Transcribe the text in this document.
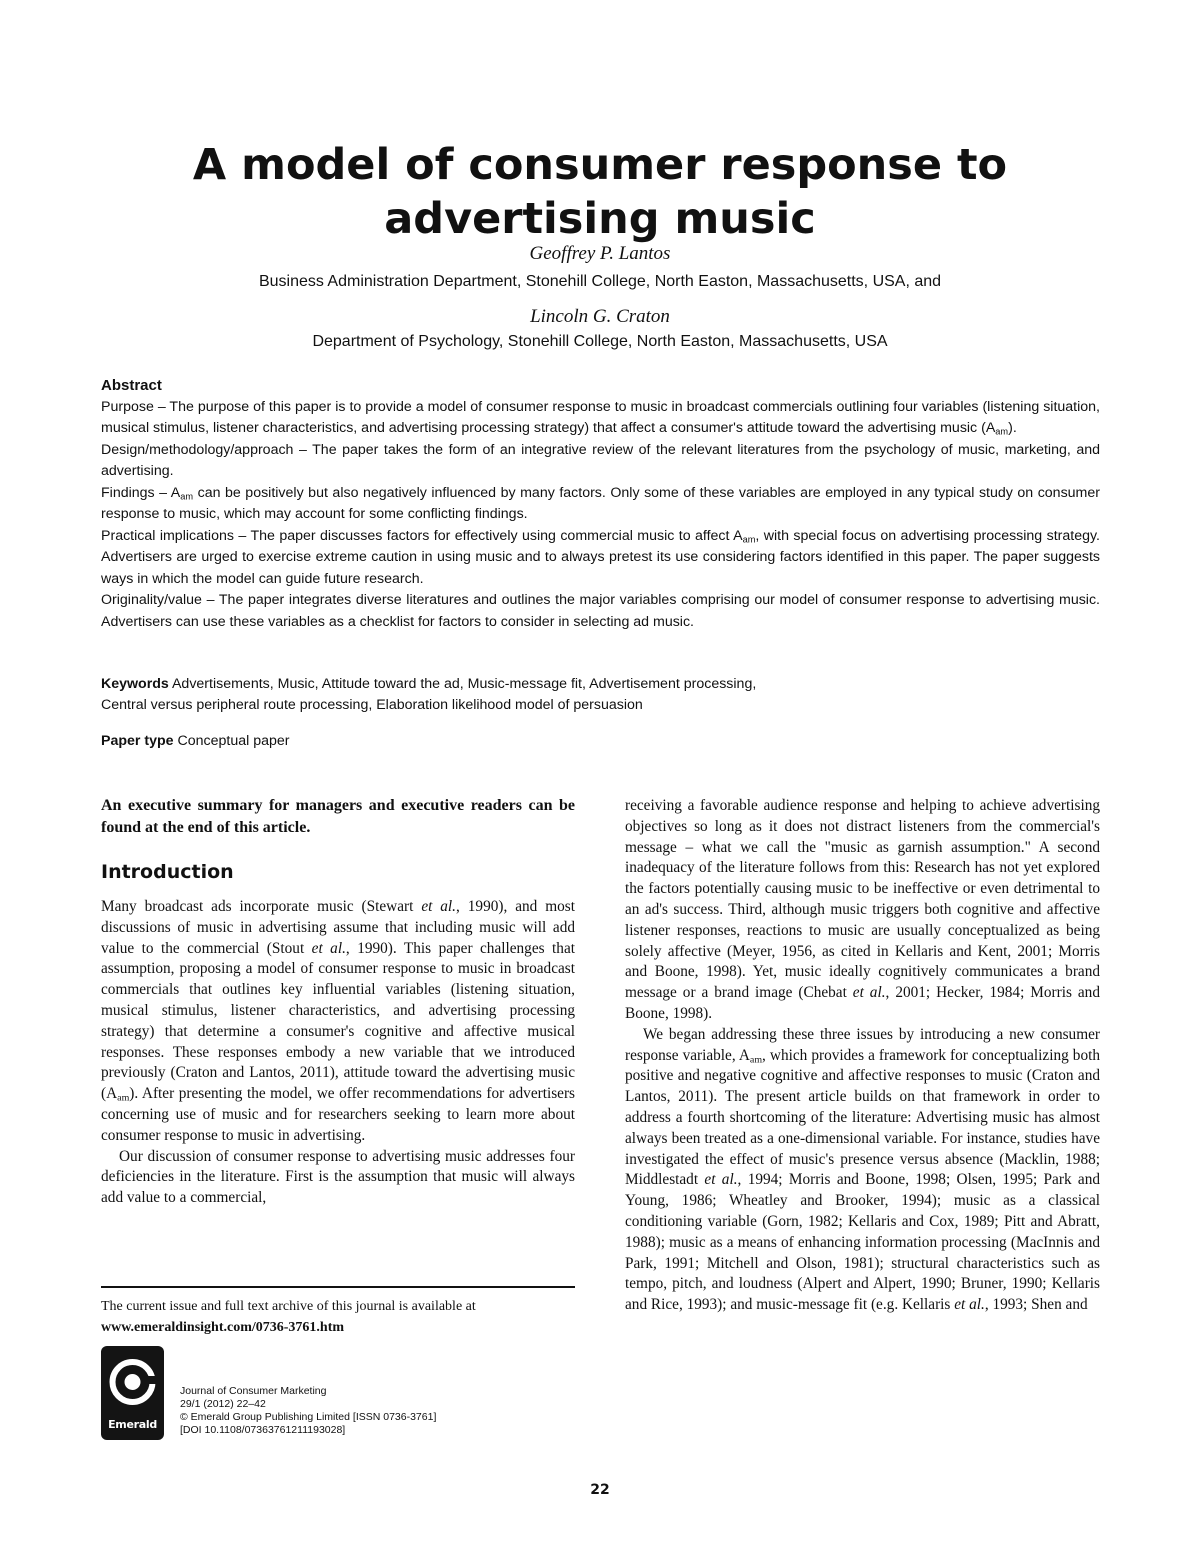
A model of consumer response to advertising music
Geoffrey P. Lantos
Business Administration Department, Stonehill College, North Easton, Massachusetts, USA, and
Lincoln G. Craton
Department of Psychology, Stonehill College, North Easton, Massachusetts, USA
Abstract

Purpose – The purpose of this paper is to provide a model of consumer response to music in broadcast commercials outlining four variables (listening situation, musical stimulus, listener characteristics, and advertising processing strategy) that affect a consumer's attitude toward the advertising music $(A_{am})$.

Design/methodology/approach – The paper takes the form of an integrative review of the relevant literatures from the psychology of music, marketing, and advertising.

Findings – $A_{am}$ can be positively but also negatively influenced by many factors. Only some of these variables are employed in any typical study on consumer response to music, which may account for some conflicting findings.

Practical implications – The paper discusses factors for effectively using commercial music to affect $A_{am}$, with special focus on advertising processing strategy. Advertisers are urged to exercise extreme caution in using music and to always pretest its use considering factors identified in this paper. The paper suggests ways in which the model can guide future research.

Originality/value – The paper integrates diverse literatures and outlines the major variables comprising our model of consumer response to advertising music. Advertisers can use these variables as a checklist for factors to consider in selecting ad music.

Keywords Advertisements, Music, Attitude toward the ad, Music-message fit, Advertisement processing,
Central versus peripheral route processing, Elaboration likelihood model of persuasion
Paper type Conceptual paper
An executive summary for managers and executive readers can be found at the end of this article.
Introduction

Many broadcast ads incorporate music (Stewart et al., 1990), and most discussions of music in advertising assume that including music will add value to the commercial (Stout et al., 1990). This paper challenges that assumption, proposing a model of consumer response to music in broadcast commercials that outlines key influential variables (listening situation, musical stimulus, listener characteristics, and advertising processing strategy) that determine a consumer's cognitive and affective musical responses. These responses embody a new variable that we introduced previously (Craton and Lantos, 2011), attitude toward the advertising music $(A_{am})$. After presenting the model, we offer recommendations for advertisers concerning use of music and for researchers seeking to learn more about consumer response to music in advertising.

Our discussion of consumer response to advertising music addresses four deficiencies in the literature. First is the assumption that music will always add value to a commercial,

The current issue and full text archive of this journal is available at
www.emeraldinsight.com/0736-3761.htm
Emerald
Journal of Consumer Marketing
29/1 (2012) 22–42
© Emerald Group Publishing Limited [ISSN 0736-3761]
[DOI 10.1108/07363761211193028]

receiving a favorable audience response and helping to achieve advertising objectives so long as it does not distract listeners from the commercial's message – what we call the "music as garnish assumption." A second inadequacy of the literature follows from this: Research has not yet explored the factors potentially causing music to be ineffective or even detrimental to an ad's success. Third, although music triggers both cognitive and affective listener responses, reactions to music are usually conceptualized as being solely affective (Meyer, 1956, as cited in Kellaris and Kent, 2001; Morris and Boone, 1998). Yet, music ideally cognitively communicates a brand message or a brand image (Chebat et al., 2001; Hecker, 1984; Morris and Boone, 1998).

We began addressing these three issues by introducing a new consumer response variable, $A_{am}$, which provides a framework for conceptualizing both positive and negative cognitive and affective responses to music (Craton and Lantos, 2011). The present article builds on that framework in order to address a fourth shortcoming of the literature: Advertising music has almost always been treated as a one-dimensional variable. For instance, studies have investigated the effect of music's presence versus absence (Macklin, 1988; Middlestadt et al., 1994; Morris and Boone, 1998; Olsen, 1995; Park and Young, 1986; Wheatley and Brooker, 1994); music as a classical conditioning variable (Gorn, 1982; Kellaris and Cox, 1989; Pitt and Abratt, 1988); music as a means of enhancing information processing (MacInnis and Park, 1991; Mitchell and Olson, 1981); structural characteristics such as tempo, pitch, and loudness (Alpert and Alpert, 1990; Bruner, 1990; Kellaris and Rice, 1993); and music-message fit (e.g. Kellaris et al., 1993; Shen and

22
